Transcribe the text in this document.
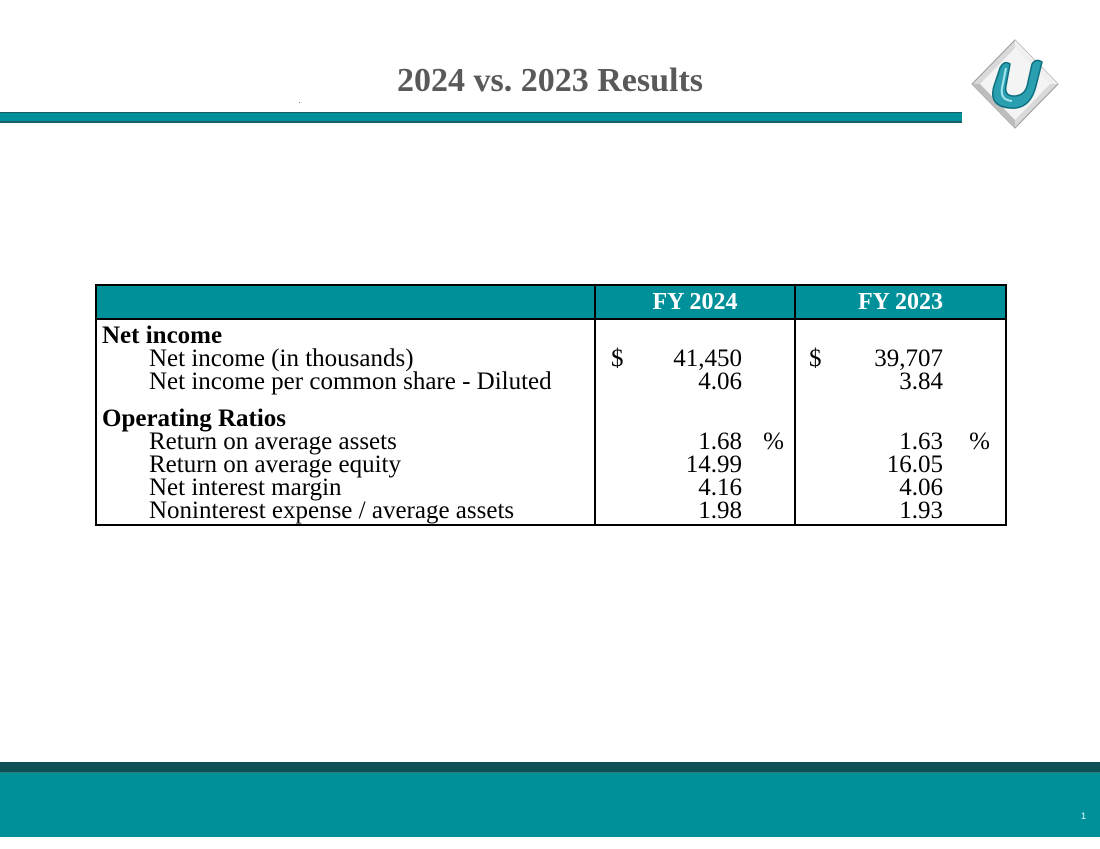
2024 vs. 2023 Results
	FY 2024	FY 2023
Net income		
Net income (in thousands)	$ 41,450	$ 39,707

Net income per common share - Diluted	4.06	3.84

Operating Ratios		
Return on average assets	1.68 %	1.63 %

Return on average equity	14.99	16.05

Net interest margin	4.16	4.06

Noninterest expense / average assets	1.98	1.93
1
